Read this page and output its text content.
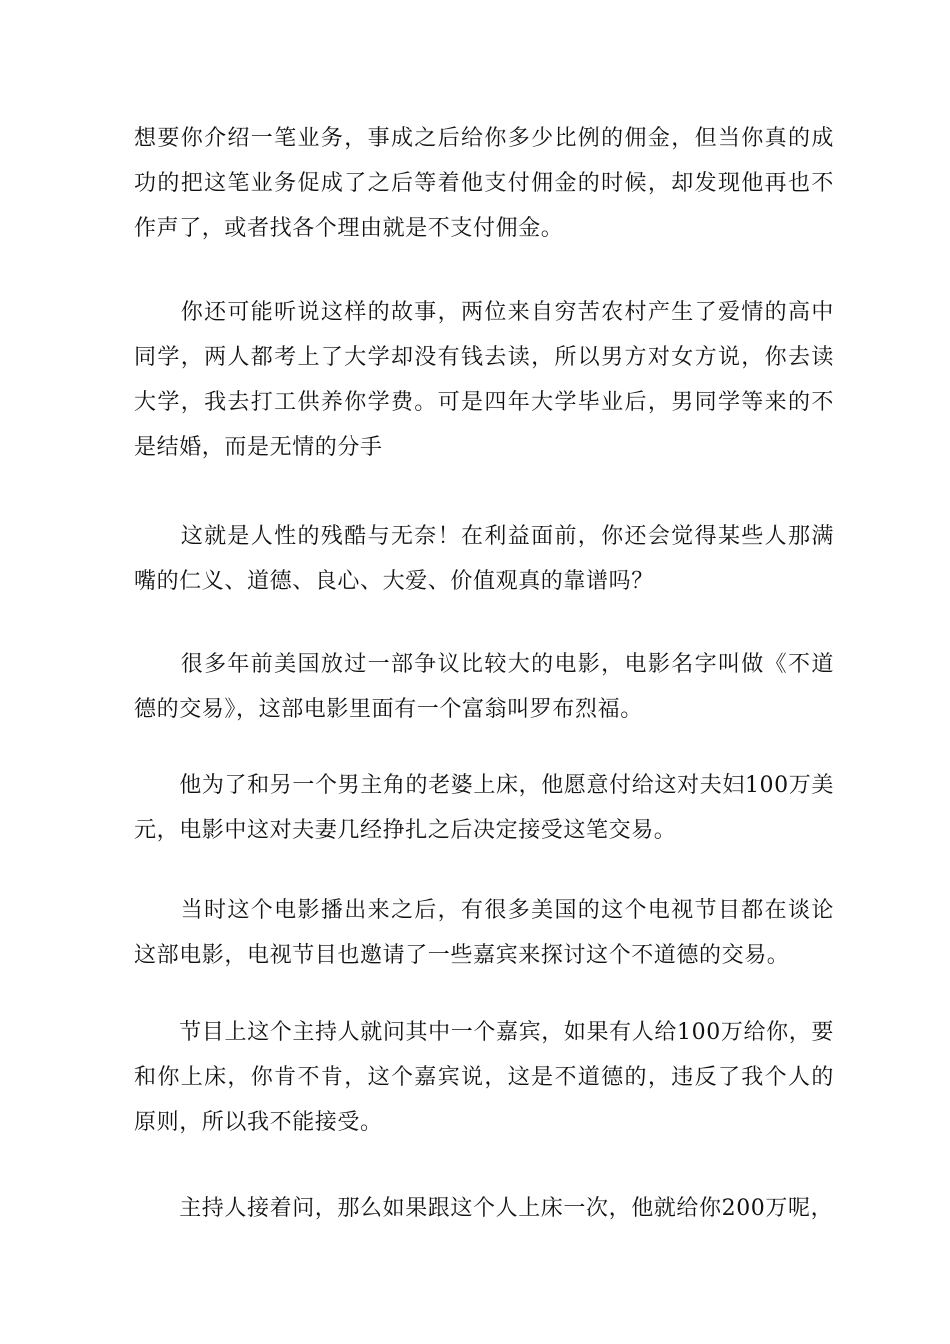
想要你介绍一笔业务，事成之后给你多少比例的佣金，但当你真的成功的把这笔业务促成了之后等着他支付佣金的时候，却发现他再也不作声了，或者找各个理由就是不支付佣金。

　　你还可能听说这样的故事，两位来自穷苦农村产生了爱情的高中同学，两人都考上了大学却没有钱去读，所以男方对女方说，你去读大学，我去打工供养你学费。可是四年大学毕业后，男同学等来的不是结婚，而是无情的分手

　　这就是人性的残酷与无奈！在利益面前，你还会觉得某些人那满嘴的仁义、道德、良心、大爱、价值观真的靠谱吗？

　　很多年前美国放过一部争议比较大的电影，电影名字叫做《不道德的交易》，这部电影里面有一个富翁叫罗布烈福。

　　他为了和另一个男主角的老婆上床，他愿意付给这对夫妇100万美元，电影中这对夫妻几经挣扎之后决定接受这笔交易。

　　当时这个电影播出来之后，有很多美国的这个电视节目都在谈论这部电影，电视节目也邀请了一些嘉宾来探讨这个不道德的交易。

　　节目上这个主持人就问其中一个嘉宾，如果有人给100万给你，要和你上床，你肯不肯，这个嘉宾说，这是不道德的，违反了我个人的原则，所以我不能接受。

　　主持人接着问，那么如果跟这个人上床一次，他就给你200万呢，
